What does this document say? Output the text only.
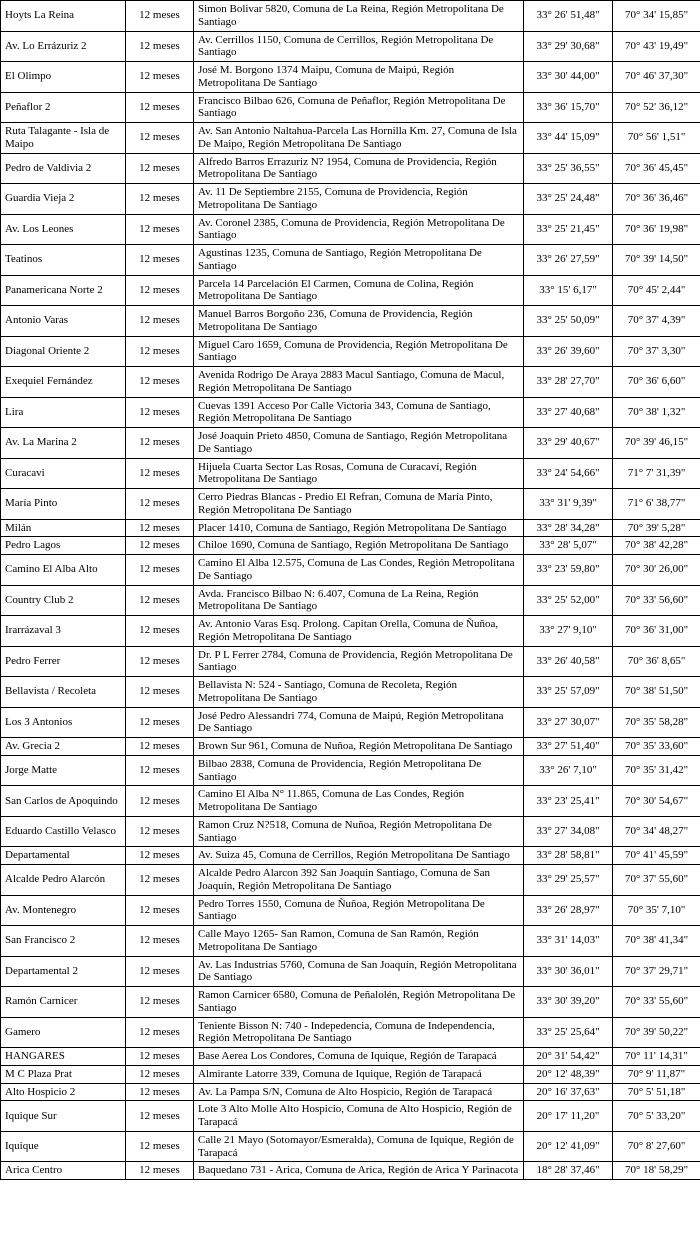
Hoyts La Reina	12 meses	Simon Bolivar 5820, Comuna de La Reina, Región Metropolitana De Santiago	33° 26' 51,48"	70° 34' 15,85"
Av. Lo Errázuriz 2	12 meses	Av. Cerrillos 1150, Comuna de Cerrillos, Región Metropolitana De Santiago	33° 29' 30,68"	70° 43' 19,49"
El Olimpo	12 meses	José M. Borgono 1374 Maipu, Comuna de Maipú, Región Metropolitana De Santiago	33° 30' 44,00"	70° 46' 37,30"
Peñaflor 2	12 meses	Francisco Bilbao 626, Comuna de Peñaflor, Región Metropolitana De Santiago	33° 36' 15,70"	70° 52' 36,12"
Ruta Talagante - Isla de Maipo	12 meses	Av. San Antonio Naltahua-Parcela Las Hornilla Km. 27, Comuna de Isla De Maipo, Región Metropolitana De Santiago	33° 44' 15,09"	70° 56' 1,51"
Pedro de Valdivia 2	12 meses	Alfredo Barros Errazuriz N? 1954, Comuna de Providencia, Región Metropolitana De Santiago	33° 25' 36,55"	70° 36' 45,45"
Guardia Vieja 2	12 meses	Av. 11 De Septiembre 2155, Comuna de Providencia, Región Metropolitana De Santiago	33° 25' 24,48"	70° 36' 36,46"
Av. Los Leones	12 meses	Av. Coronel 2385, Comuna de Providencia, Región Metropolitana De Santiago	33° 25' 21,45"	70° 36' 19,98"
Teatinos	12 meses	Agustinas 1235, Comuna de Santiago, Región Metropolitana De Santiago	33° 26' 27,59"	70° 39' 14,50"
Panamericana Norte 2	12 meses	Parcela 14 Parcelación El Carmen, Comuna de Colina, Región Metropolitana De Santiago	33° 15' 6,17"	70° 45' 2,44"
Antonio Varas	12 meses	Manuel Barros Borgoño 236, Comuna de Providencia, Región Metropolitana De Santiago	33° 25' 50,09"	70° 37' 4,39"
Diagonal Oriente 2	12 meses	Miguel Caro 1659, Comuna de Providencia, Región Metropolitana De Santiago	33° 26' 39,60"	70° 37' 3,30"
Exequiel Fernández	12 meses	Avenida Rodrigo De Araya 2883 Macul Santiago, Comuna de Macul, Región Metropolitana De Santiago	33° 28' 27,70"	70° 36' 6,60"
Lira	12 meses	Cuevas 1391 Acceso Por Calle Victoria 343, Comuna de Santiago, Región Metropolitana De Santiago	33° 27' 40,68"	70° 38' 1,32"
Av. La Marina 2	12 meses	José Joaquin Prieto 4850, Comuna de Santiago, Región Metropolitana De Santiago	33° 29' 40,67"	70° 39' 46,15"
Curacavi	12 meses	Hijuela Cuarta Sector Las Rosas, Comuna de Curacaví, Región Metropolitana De Santiago	33° 24' 54,66"	71° 7' 31,39"
María Pinto	12 meses	Cerro Piedras Blancas - Predio El Refran, Comuna de María Pinto, Región Metropolitana De Santiago	33° 31' 9,39"	71° 6' 38,77"
Milán	12 meses	Placer 1410, Comuna de Santiago, Región Metropolitana De Santiago	33° 28' 34,28"	70° 39' 5,28"
Pedro Lagos	12 meses	Chiloe 1690, Comuna de Santiago, Región Metropolitana De Santiago	33° 28' 5,07"	70° 38' 42,28"
Camino El Alba Alto	12 meses	Camino El Alba 12.575, Comuna de Las Condes, Región Metropolitana De Santiago	33° 23' 59,80"	70° 30' 26,00"
Country Club 2	12 meses	Avda. Francisco Bilbao N: 6.407, Comuna de La Reina, Región Metropolitana De Santiago	33° 25' 52,00"	70° 33' 56,60"
Irarrázaval 3	12 meses	Av. Antonio Varas Esq. Prolong. Capitan Orella, Comuna de Ñuñoa, Región Metropolitana De Santiago	33° 27' 9,10"	70° 36' 31,00"
Pedro Ferrer	12 meses	Dr. P L Ferrer 2784, Comuna de Providencia, Región Metropolitana De Santiago	33° 26' 40,58"	70° 36' 8,65"
Bellavista / Recoleta	12 meses	Bellavista N: 524 - Santiago, Comuna de Recoleta, Región Metropolitana De Santiago	33° 25' 57,09"	70° 38' 51,50"
Los 3 Antonios	12 meses	José Pedro Alessandri 774, Comuna de Maipú, Región Metropolitana De Santiago	33° 27' 30,07"	70° 35' 58,28"
Av. Grecia 2	12 meses	Brown Sur 961, Comuna de Nuñoa, Región Metropolitana De Santiago	33° 27' 51,40"	70° 35' 33,60"
Jorge Matte	12 meses	Bilbao 2838, Comuna de Providencia, Región Metropolitana De Santiago	33° 26' 7,10"	70° 35' 31,42"
San Carlos de Apoquindo	12 meses	Camino El Alba N° 11.865, Comuna de Las Condes, Región Metropolitana De Santiago	33° 23' 25,41"	70° 30' 54,67"
Eduardo Castillo Velasco	12 meses	Ramon Cruz N?518, Comuna de Nuñoa, Región Metropolitana De Santiago	33° 27' 34,08"	70° 34' 48,27"
Departamental	12 meses	Av. Suiza 45, Comuna de Cerrillos, Región Metropolitana De Santiago	33° 28' 58,81"	70° 41' 45,59"
Alcalde Pedro Alarcón	12 meses	Alcalde Pedro Alarcon 392 San Joaquin Santiago, Comuna de San Joaquín, Región Metropolitana De Santiago	33° 29' 25,57"	70° 37' 55,60"
Av. Montenegro	12 meses	Pedro Torres 1550, Comuna de Ñuñoa, Región Metropolitana De Santiago	33° 26' 28,97"	70° 35' 7,10"
San Francisco 2	12 meses	Calle Mayo 1265- San Ramon, Comuna de San Ramón, Región Metropolitana De Santiago	33° 31' 14,03"	70° 38' 41,34"
Departamental 2	12 meses	Av. Las Industrias 5760, Comuna de San Joaquín, Región Metropolitana De Santiago	33° 30' 36,01"	70° 37' 29,71"
Ramón Carnicer	12 meses	Ramon Carnicer 6580, Comuna de Peñalolén, Región Metropolitana De Santiago	33° 30' 39,20"	70° 33' 55,60"
Gamero	12 meses	Teniente Bisson N: 740 - Indepedencia, Comuna de Independencia, Región Metropolitana De Santiago	33° 25' 25,64"	70° 39' 50,22"
HANGARES	12 meses	Base Aerea Los Condores, Comuna de Iquique, Región de Tarapacá	20° 31' 54,42"	70° 11' 14,31"
M C Plaza Prat	12 meses	Almirante Latorre 339, Comuna de Iquique, Región de Tarapacá	20° 12' 48,39"	70° 9' 11,87"
Alto Hospicio 2	12 meses	Av. La Pampa S/N, Comuna de Alto Hospicio, Región de Tarapacá	20° 16' 37,63"	70° 5' 51,18"
Iquique Sur	12 meses	Lote 3 Alto Molle Alto Hospicio, Comuna de Alto Hospicio, Región de Tarapacá	20° 17' 11,20"	70° 5' 33,20"
Iquique	12 meses	Calle 21 Mayo (Sotomayor/Esmeralda), Comuna de Iquique, Región de Tarapacá	20° 12' 41,09"	70° 8' 27,60"
Arica Centro	12 meses	Baquedano 731 - Arica, Comuna de Arica, Región de Arica Y Parinacota	18° 28' 37,46"	70° 18' 58,29"
